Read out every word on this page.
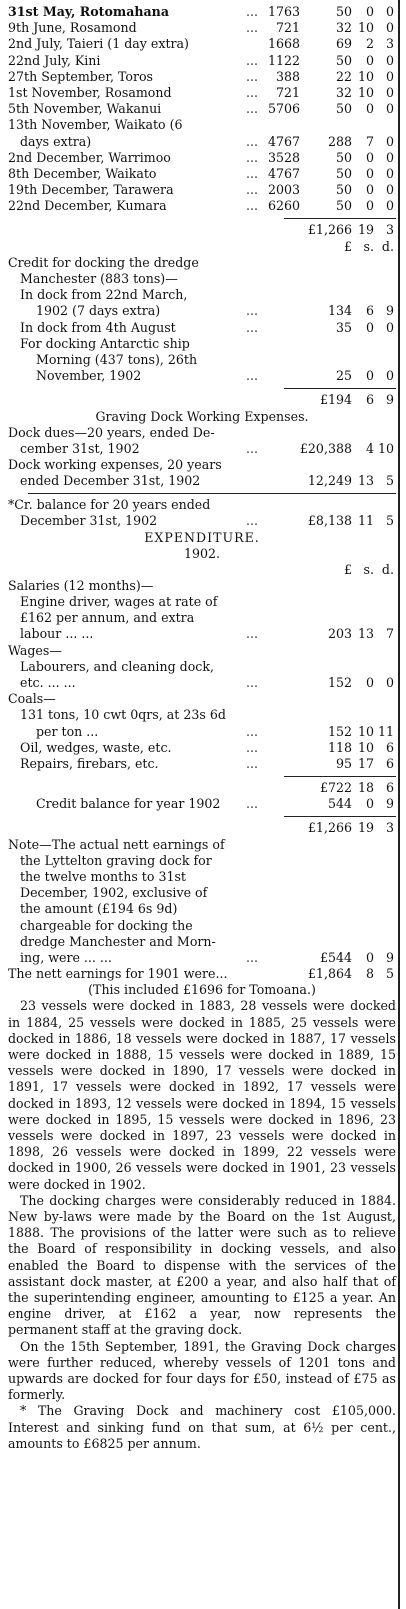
31st May, Rotomahana	... 1763	50	0 0
9th June, Rosamond	...	721	32 10 0
2nd July, Taieri (1 day extra)	1668	69	2 3
22nd July, Kini	... 1122	50	0 0
27th September, Toros	...	388	22 10 0
1st November, Rosamond	...	721	32 10 0
5th November, Wakanui	... 5706	50	0 0
13th November, Waikato (6
days extra)	... 4767	288	7 0
2nd December, Warrimoo	... 3528	50	0 0
8th December, Waikato	... 4767	50	0 0
19th December, Tarawera	... 2003	50	0 0
22nd December, Kumara	... 6260	50	0 0
£1,266 19 3
£ s. d.
Credit for docking the dredge
Manchester (883 tons)—
In dock from 22nd March,
1902 (7 days extra)	...	134	6 9
In dock from 4th August	...	35	0 0
For docking Antarctic ship
Morning (437 tons), 26th
November, 1902	...	25	0 0
£194	6 9
Graving Dock Working Expenses.
Dock dues—20 years, ended De-
cember 31st, 1902	...	£20,388	4 10
Dock working expenses, 20 years
ended December 31st, 1902	12,249 13 5
*Cr. balance for 20 years ended
December 31st, 1902	...	£8,138 11 5
EXPENDITURE.
1902.
£ s. d.
Salaries (12 months)—
Engine driver, wages at rate of
£162 per annum, and extra
labour ... ...	...	203 13 7
Wages—
Labourers, and cleaning dock,
etc. ... ...	...	152	0 0
Coals—
131 tons, 10 cwt 0qrs, at 23s 6d
per ton ...	...	152 10 11
Oil, wedges, waste, etc.	...	118 10 6
Repairs, firebars, etc.	...	95 17 6
£722 18 6
Credit balance for year 1902	...	544	0 9
£1,266 19 3
Note—The actual nett earnings of
the Lyttelton graving dock for
the twelve months to 31st
December, 1902, exclusive of
the amount (£194 6s 9d)
chargeable for docking the
dredge Manchester and Morn-
ing, were ... ...	...	£544	0 9
The nett earnings for 1901 were...	£1,864	8 5
(This included £1696 for Tomoana.)

23 vessels were docked in 1883, 28 vessels were docked in 1884, 25 vessels were docked in 1885, 25 vessels were docked in 1886, 18 vessels were docked in 1887, 17 vessels were docked in 1888, 15 vessels were docked in 1889, 15 vessels were docked in 1890, 17 vessels were docked in 1891, 17 vessels were docked in 1892, 17 vessels were docked in 1893, 12 vessels were docked in 1894, 15 vessels were docked in 1895, 15 vessels were docked in 1896, 23 vessels were docked in 1897, 23 vessels were docked in 1898, 26 vessels were docked in 1899, 22 vessels were docked in 1900, 26 vessels were docked in 1901, 23 vessels were docked in 1902.

The docking charges were considerably reduced in 1884. New by-laws were made by the Board on the 1st August, 1888. The provisions of the latter were such as to relieve the Board of responsibility in docking vessels, and also enabled the Board to dispense with the services of the assistant dock master, at £200 a year, and also half that of the superintending engineer, amounting to £125 a year. An engine driver, at £162 a year, now represents the permanent staff at the graving dock.

On the 15th September, 1891, the Graving Dock charges were further reduced, whereby vessels of 1201 tons and upwards are docked for four days for £50, instead of £75 as formerly.

* The Graving Dock and machinery cost £105,000. Interest and sinking fund on that sum, at 6½ per cent., amounts to £6825 per annum.
